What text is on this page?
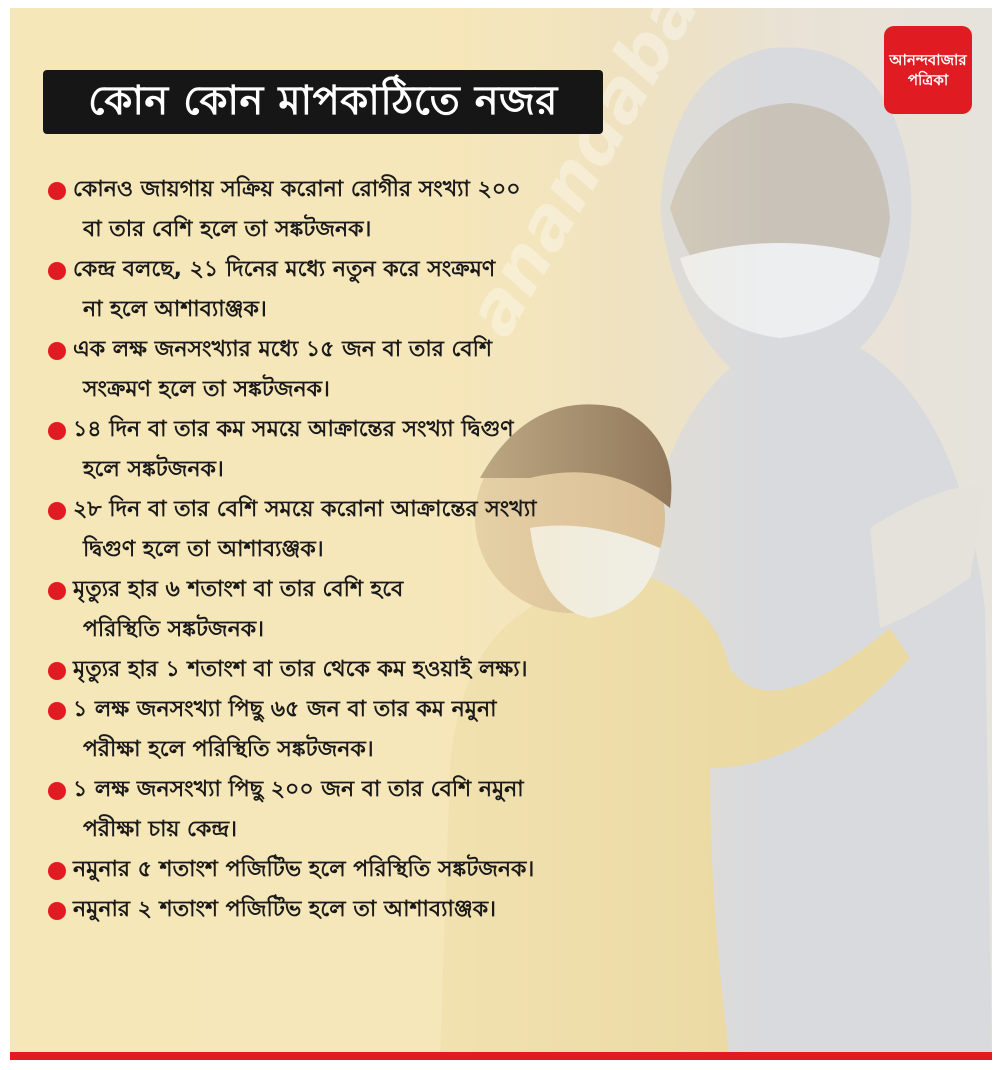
আনন্দবাজার
পত্রিকা
কোন কোন মাপকাঠিতে নজর
কোনও জায়গায় সক্রিয় করোনা রোগীর সংখ্যা ২০০
বা তার বেশি হলে তা সঙ্কটজনক।
কেন্দ্র বলছে, ২১ দিনের মধ্যে নতুন করে সংক্রমণ
না হলে আশাব্যাঞ্জক।
এক লক্ষ জনসংখ্যার মধ্যে ১৫ জন বা তার বেশি
সংক্রমণ হলে তা সঙ্কটজনক।
১৪ দিন বা তার কম সময়ে আক্রান্তের সংখ্যা দ্বিগুণ
হলে সঙ্কটজনক।
২৮ দিন বা তার বেশি সময়ে করোনা আক্রান্তের সংখ্যা
দ্বিগুণ হলে তা আশাব্যঞ্জক।
মৃত্যুর হার ৬ শতাংশ বা তার বেশি হবে
পরিস্থিতি সঙ্কটজনক।
মৃত্যুর হার ১ শতাংশ বা তার থেকে কম হওয়াই লক্ষ্য।
১ লক্ষ জনসংখ্যা পিছু ৬৫ জন বা তার কম নমুনা
পরীক্ষা হলে পরিস্থিতি সঙ্কটজনক।
১ লক্ষ জনসংখ্যা পিছু ২০০ জন বা তার বেশি নমুনা
পরীক্ষা চায় কেন্দ্র।
নমুনার ৫ শতাংশ পজিটিভ হলে পরিস্থিতি সঙ্কটজনক।
নমুনার ২ শতাংশ পজিটিভ হলে তা আশাব্যাঞ্জক।
